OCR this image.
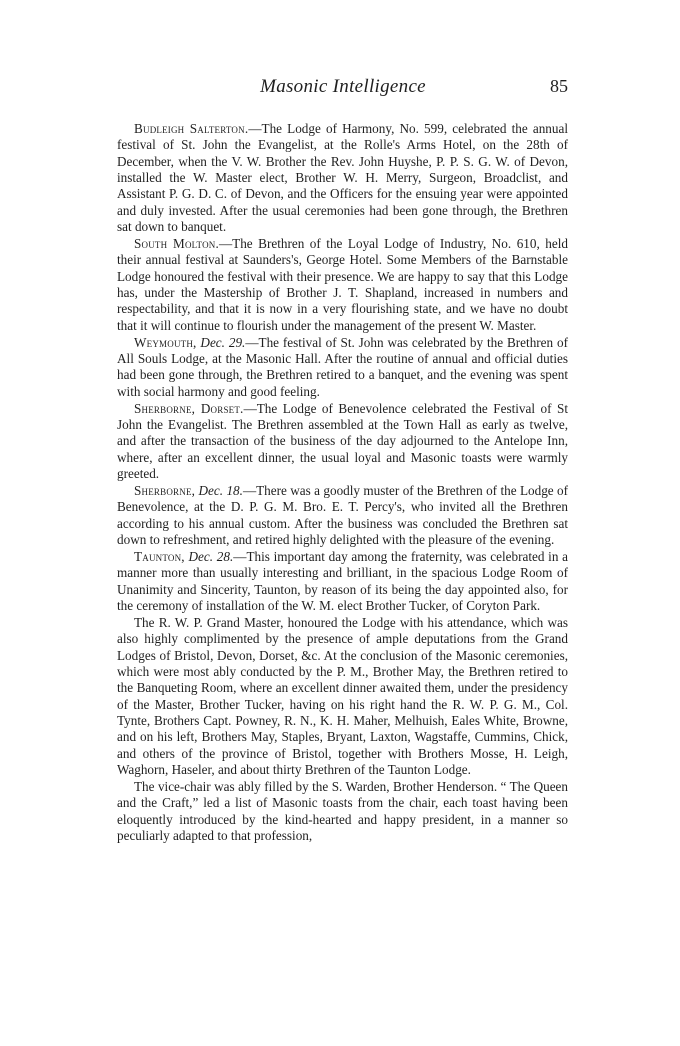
Masonic Intelligence	85

Budleigh Salterton.—The Lodge of Harmony, No. 599, celebrated the annual festival of St. John the Evangelist, at the Rolle's Arms Hotel, on the 28th of December, when the V. W. Brother the Rev. John Huyshe, P. P. S. G. W. of Devon, installed the W. Master elect, Brother W. H. Merry, Surgeon, Broadclist, and Assistant P. G. D. C. of Devon, and the Officers for the ensuing year were appointed and duly invested. After the usual ceremonies had been gone through, the Brethren sat down to banquet.

South Molton.—The Brethren of the Loyal Lodge of Industry, No. 610, held their annual festival at Saunders's, George Hotel. Some Members of the Barnstable Lodge honoured the festival with their presence. We are happy to say that this Lodge has, under the Mastership of Brother J. T. Shapland, increased in numbers and respectability, and that it is now in a very flourishing state, and we have no doubt that it will continue to flourish under the management of the present W. Master.

Weymouth, Dec. 29.—The festival of St. John was celebrated by the Brethren of All Souls Lodge, at the Masonic Hall. After the routine of annual and official duties had been gone through, the Brethren retired to a banquet, and the evening was spent with social harmony and good feeling.

Sherborne, Dorset.—The Lodge of Benevolence celebrated the Festival of St John the Evangelist. The Brethren assembled at the Town Hall as early as twelve, and after the transaction of the business of the day adjourned to the Antelope Inn, where, after an excellent dinner, the usual loyal and Masonic toasts were warmly greeted.

Sherborne, Dec. 18.—There was a goodly muster of the Brethren of the Lodge of Benevolence, at the D. P. G. M. Bro. E. T. Percy's, who invited all the Brethren according to his annual custom. After the business was concluded the Brethren sat down to refreshment, and retired highly delighted with the pleasure of the evening.

Taunton, Dec. 28.—This important day among the fraternity, was celebrated in a manner more than usually interesting and brilliant, in the spacious Lodge Room of Unanimity and Sincerity, Taunton, by reason of its being the day appointed also, for the ceremony of installation of the W. M. elect Brother Tucker, of Coryton Park.

The R. W. P. Grand Master, honoured the Lodge with his attendance, which was also highly complimented by the presence of ample deputations from the Grand Lodges of Bristol, Devon, Dorset, &c. At the conclusion of the Masonic ceremonies, which were most ably conducted by the P. M., Brother May, the Brethren retired to the Banqueting Room, where an excellent dinner awaited them, under the presidency of the Master, Brother Tucker, having on his right hand the R. W. P. G. M., Col. Tynte, Brothers Capt. Powney, R. N., K. H. Maher, Melhuish, Eales White, Browne, and on his left, Brothers May, Staples, Bryant, Laxton, Wagstaffe, Cummins, Chick, and others of the province of Bristol, together with Brothers Mosse, H. Leigh, Waghorn, Haseler, and about thirty Brethren of the Taunton Lodge.

The vice-chair was ably filled by the S. Warden, Brother Henderson. “ The Queen and the Craft,” led a list of Masonic toasts from the chair, each toast having been eloquently introduced by the kind-hearted and happy president, in a manner so peculiarly adapted to that profession,
